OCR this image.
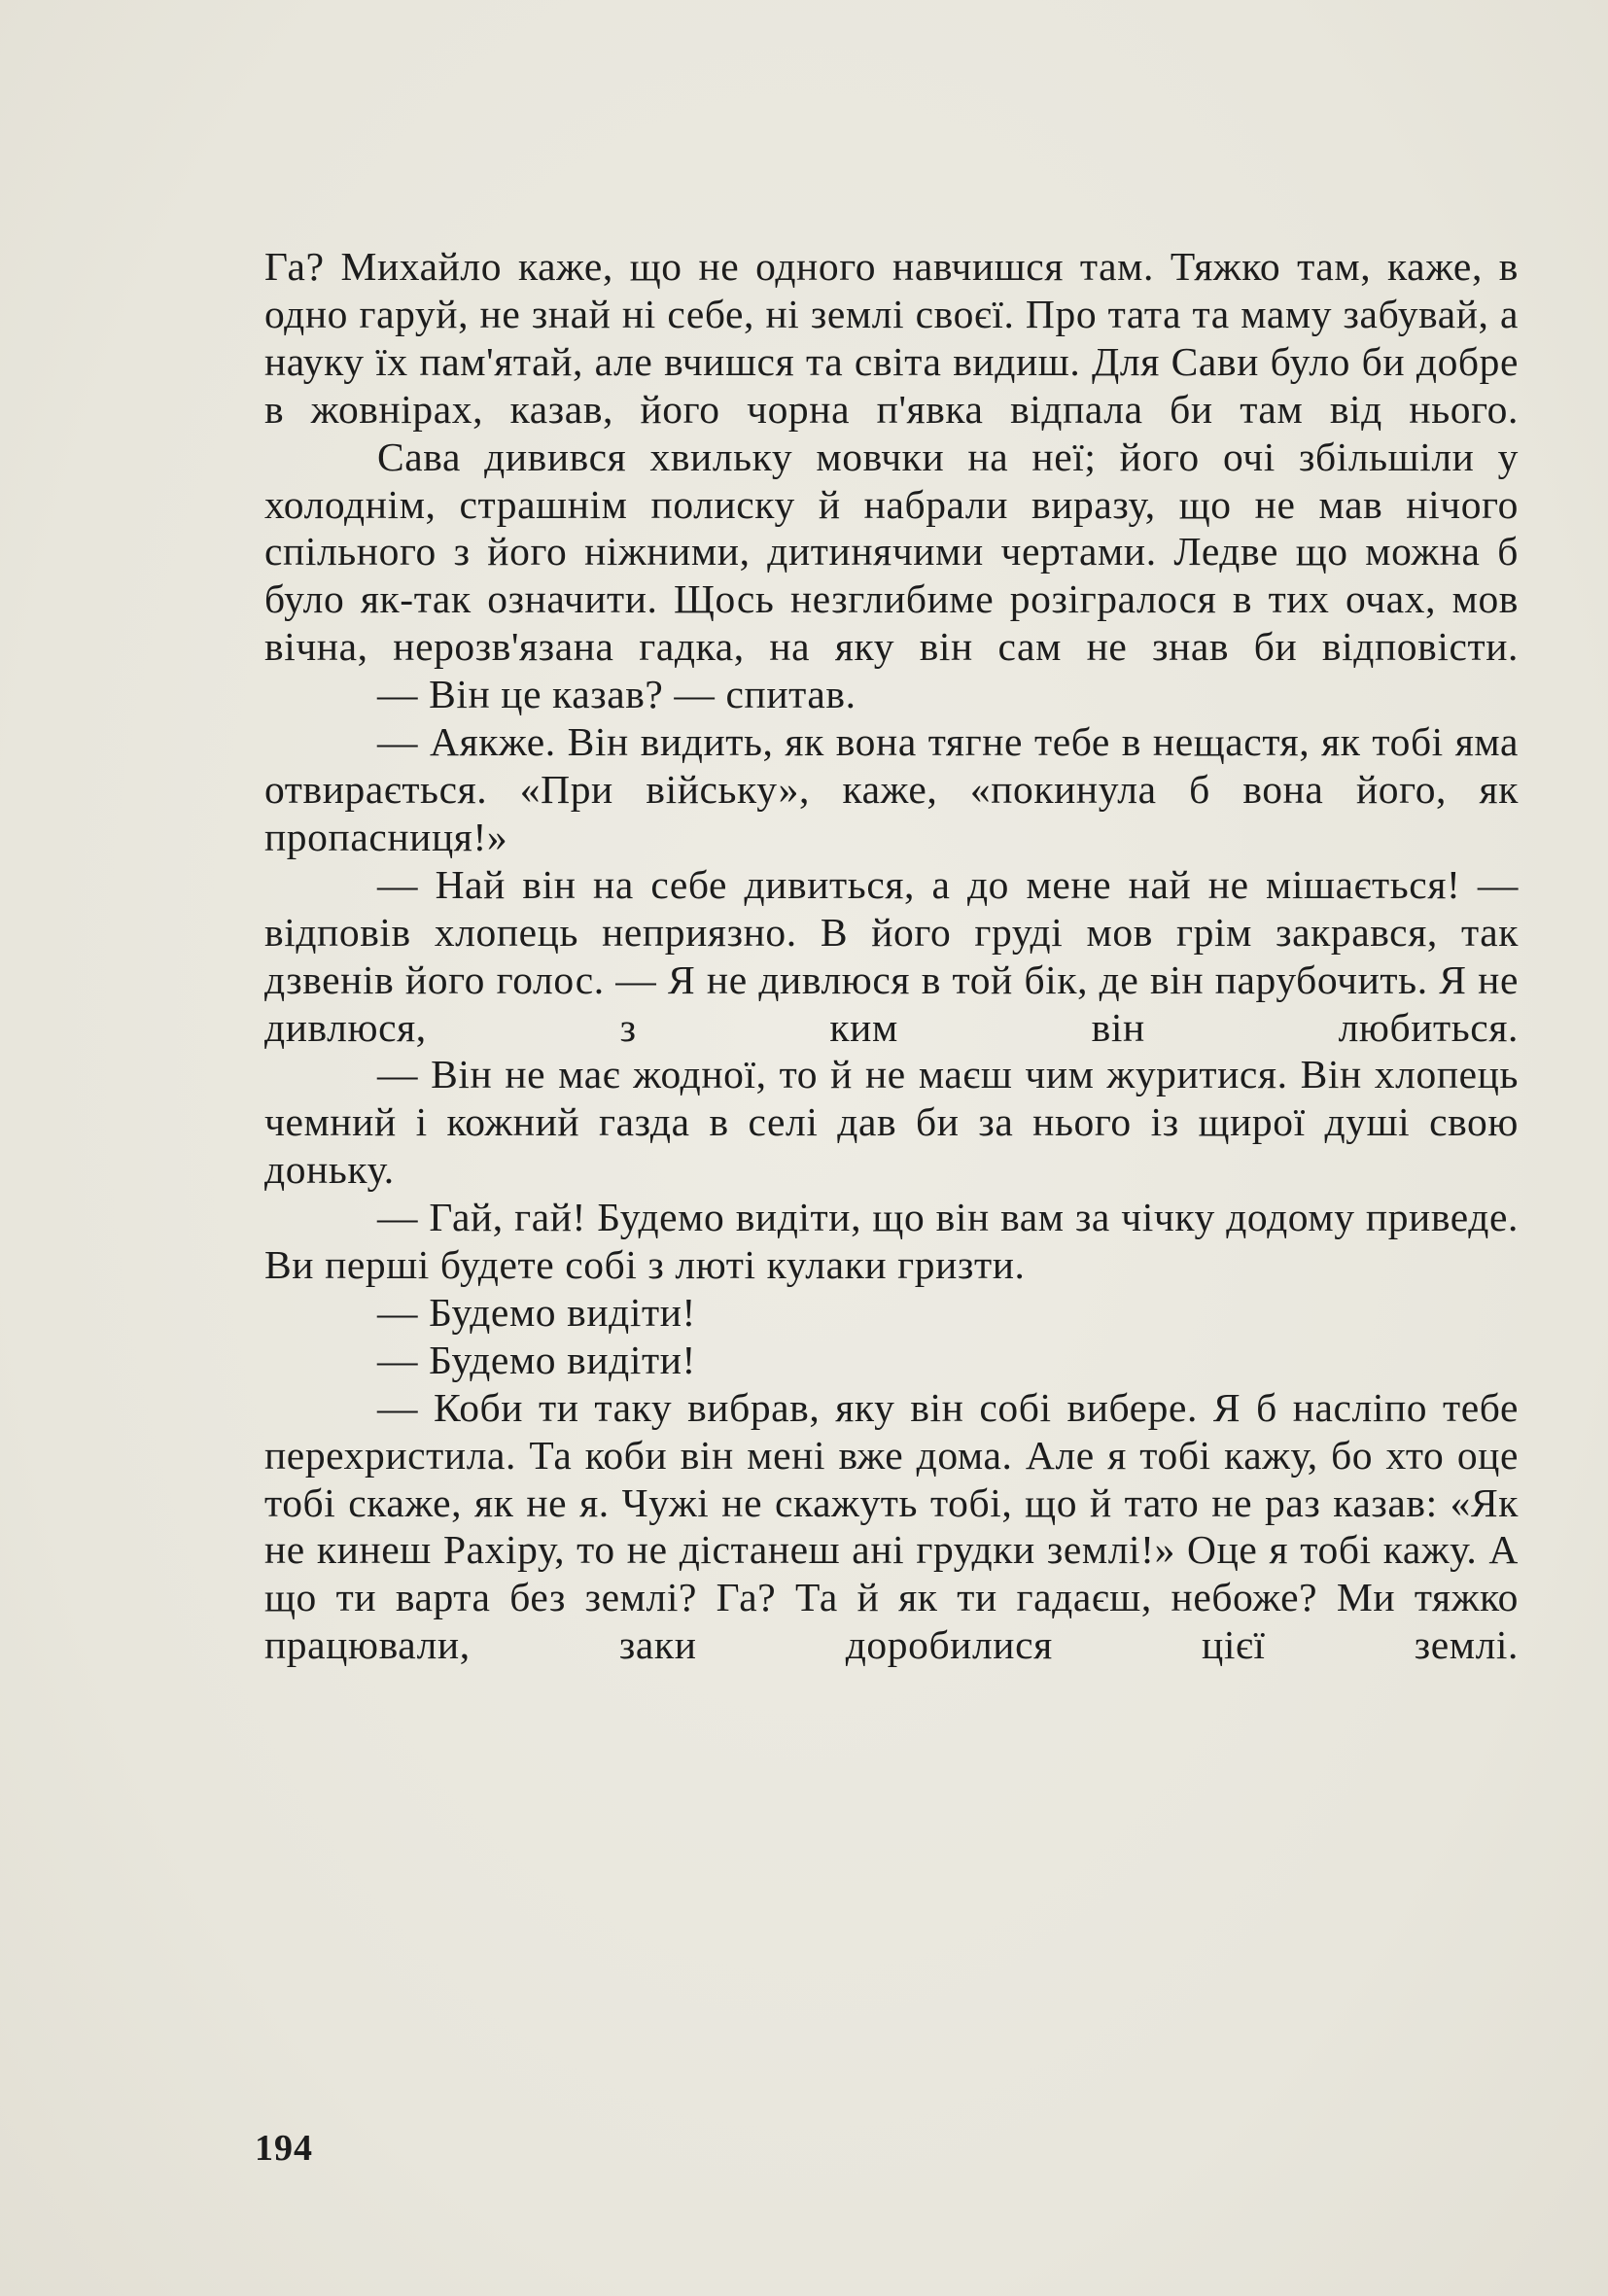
Га? Михайло каже, що не одного навчишся там. Тяжко там, каже, в одно гаруй, не знай ні себе, ні землі своєї. Про тата та маму забувай, а науку їх пам'ятай, але вчишся та світа видиш. Для Сави було би добре в жовнірах, казав, його чорна п'явка відпала би там від нього.

Сава дивився хвильку мовчки на неї; його очі збільшіли у холоднім, страшнім полиску й набрали виразу, що не мав нічого спільного з його ніжними, дитинячими чертами. Ледве що можна б було як-так означити. Щось незглибиме розігралося в тих очах, мов вічна, нерозв'язана гадка, на яку він сам не знав би відповісти.

— Він це казав? — спитав.

— Аякже. Він видить, як вона тягне тебе в нещастя, як тобі яма отвирається. «При війську», каже, «покинула б вона його, як пропасниця!»

— Най він на себе дивиться, а до мене най не мішається! — відповів хлопець неприязно. В його груді мов грім закрався, так дзвенів його голос. — Я не дивлюся в той бік, де він парубочить. Я не дивлюся, з ким він любиться.

— Він не має жодної, то й не маєш чим журитися. Він хлопець чемний і кожний газда в селі дав би за нього із щирої душі свою доньку.

— Гай, гай! Будемо видіти, що він вам за чічку додому приведе. Ви перші будете собі з люті кулаки гризти.

— Будемо видіти!

— Будемо видіти!

— Коби ти таку вибрав, яку він собі вибере. Я б наслiпо тебе перехристила. Та коби він мені вже дома. Але я тобі кажу, бо хто оце тобі скаже, як не я. Чужі не скажуть тобі, що й тато не раз казав: «Як не кинеш Рахіру, то не дістанеш ані грудки землі!» Оце я тобі кажу. А що ти варта без землі? Га? Та й як ти гадаєш, небоже? Ми тяжко працювали, заки доробилися цієї землі.

194
